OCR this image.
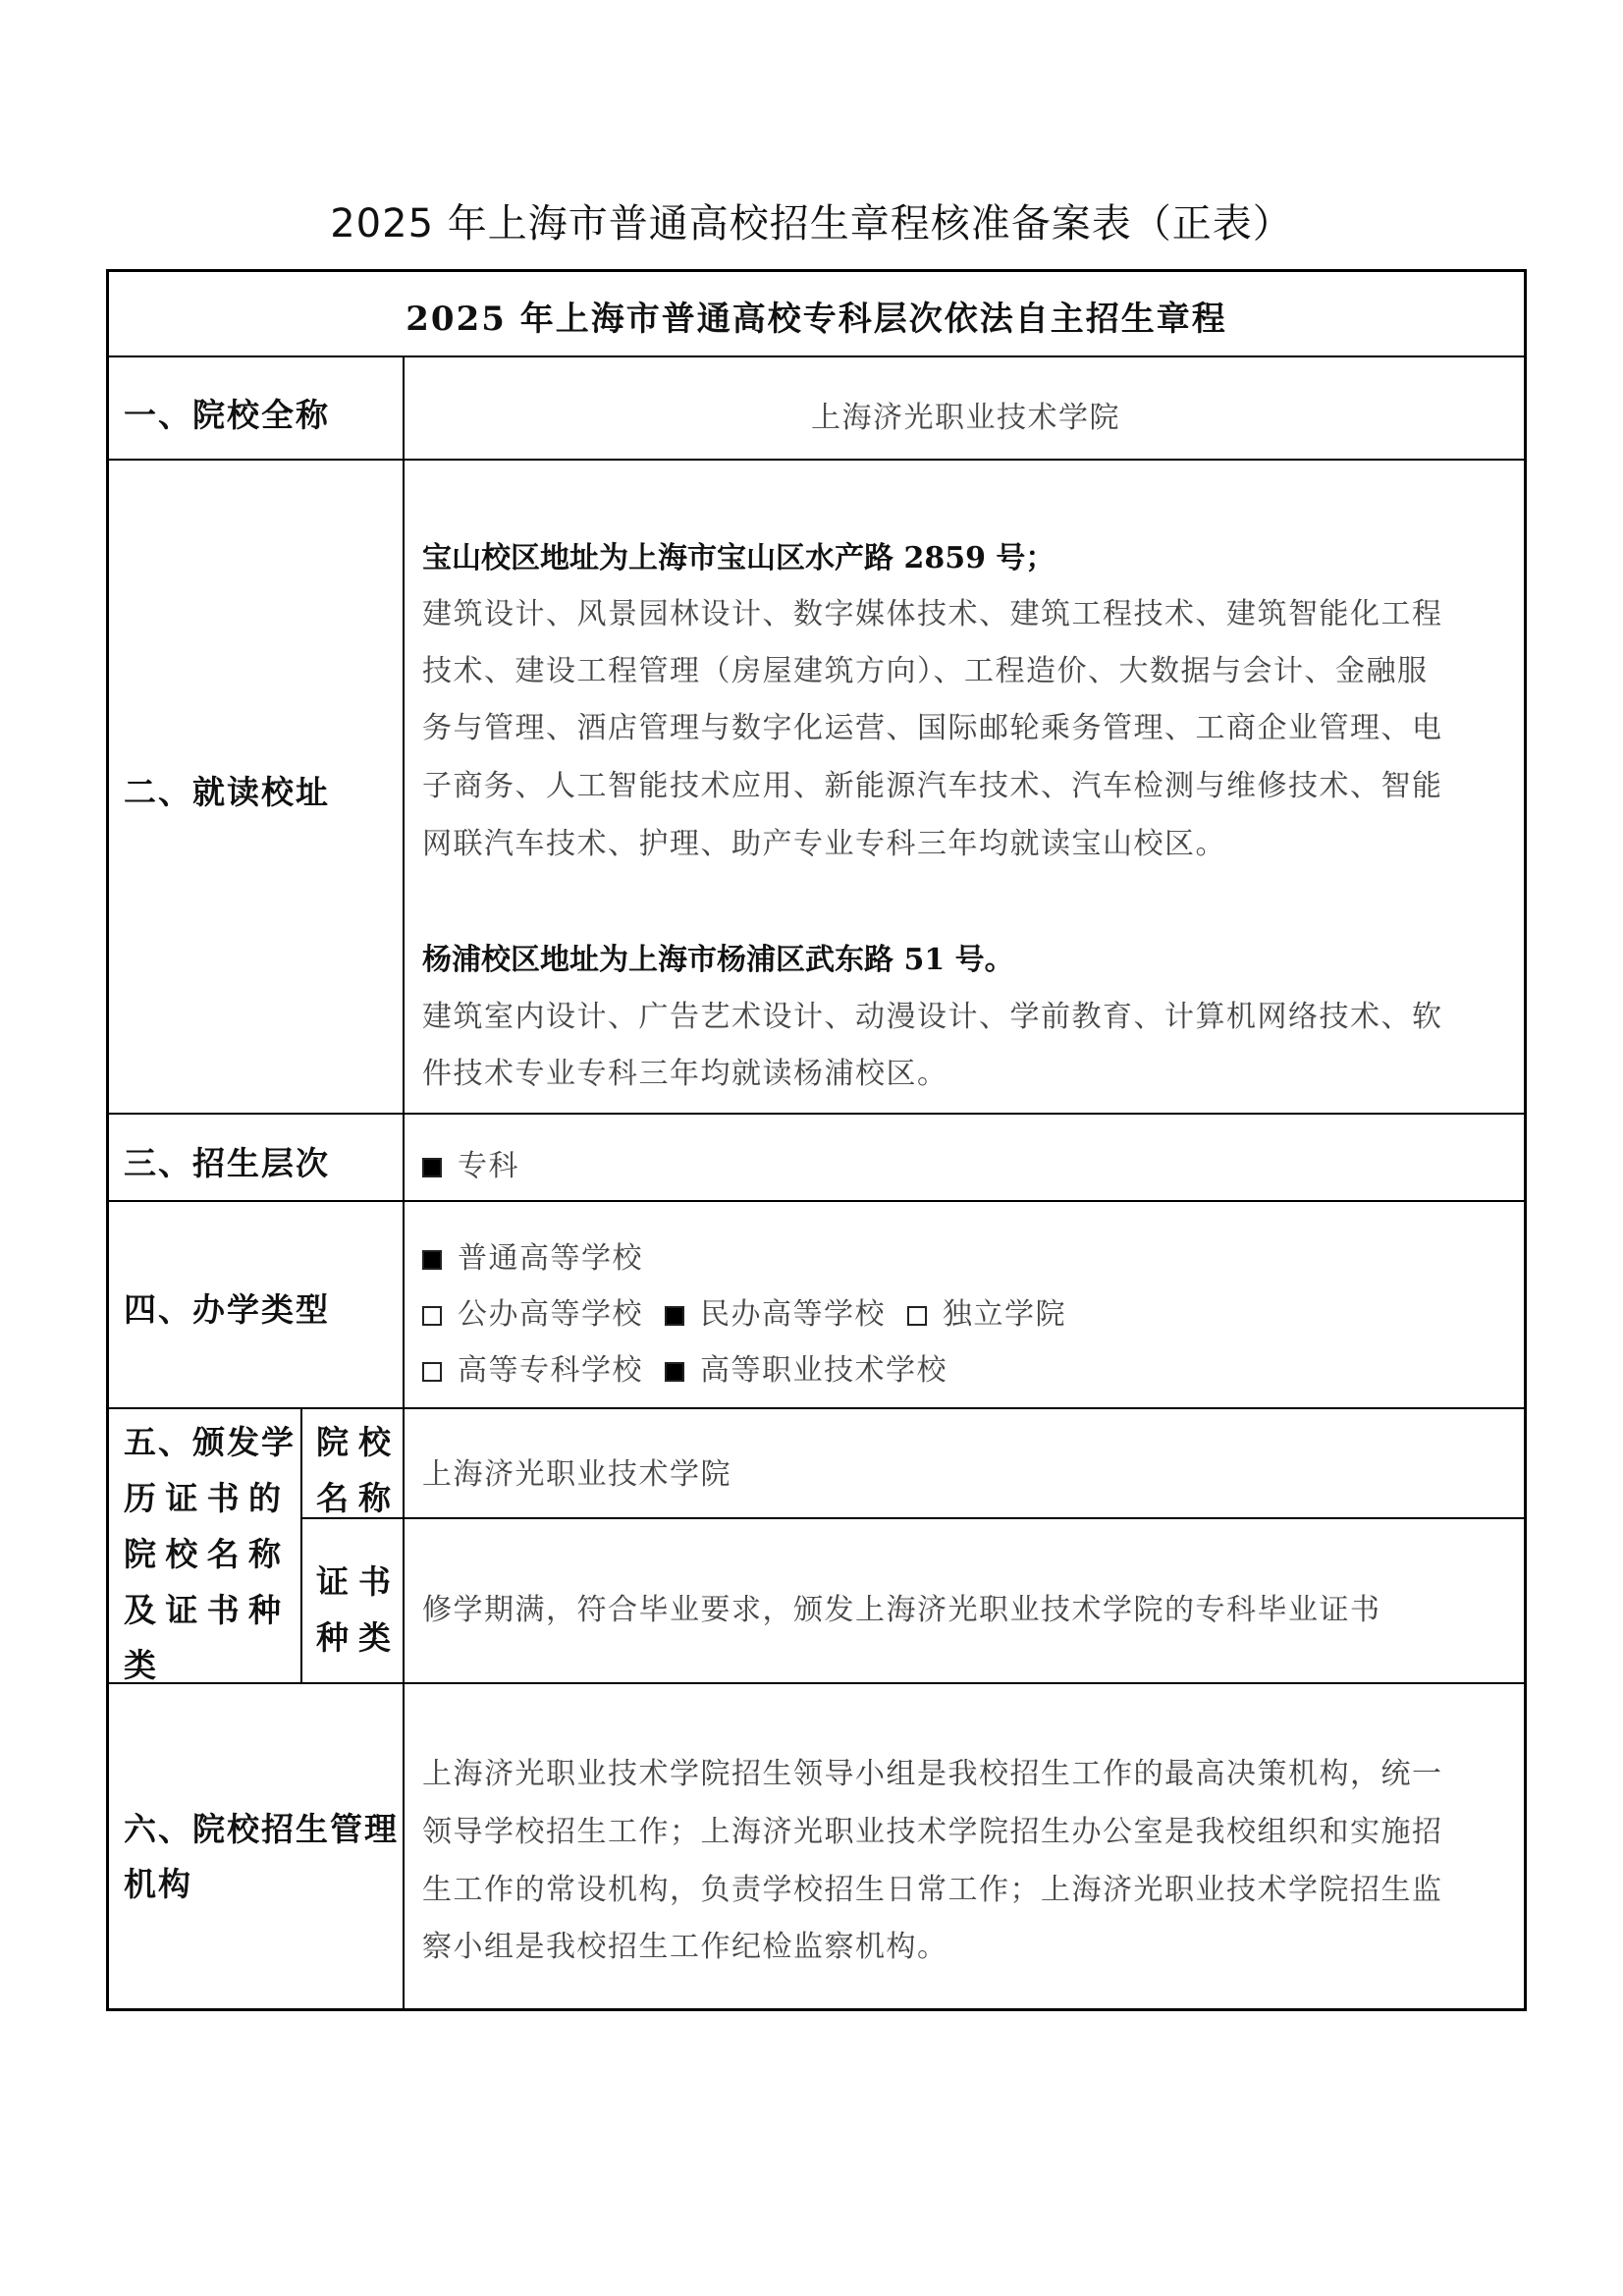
2025 年上海市普通高校招生章程核准备案表（正表）
2025 年上海市普通高校专科层次依法自主招生章程
一、院校全称	上海济光职业技术学院
二、就读校址
宝山校区地址为上海市宝山区水产路 2859 号；
建筑设计、风景园林设计、数字媒体技术、建筑工程技术、建筑智能化工程
技术、建设工程管理（房屋建筑方向）、工程造价、大数据与会计、金融服
务与管理、酒店管理与数字化运营、国际邮轮乘务管理、工商企业管理、电
子商务、人工智能技术应用、新能源汽车技术、汽车检测与维修技术、智能
网联汽车技术、护理、助产专业专科三年均就读宝山校区。
杨浦校区地址为上海市杨浦区武东路 51 号。
建筑室内设计、广告艺术设计、动漫设计、学前教育、计算机网络技术、软
件技术专业专科三年均就读杨浦校区。
三、招生层次	专科
四、办学类型
普通高等学校
公办高等学校 民办高等学校 独立学院
高等专科学校 高等职业技术学校
五 、 颁 发 学
历 证 书 的
院 校 名 称
及 证 书 种
类
院校
名称
上海济光职业技术学院
证书
种类
修学期满，符合毕业要求，颁发上海济光职业技术学院的专科毕业证书
六、院校招生管理
机构
上海济光职业技术学院招生领导小组是我校招生工作的最高决策机构，统一
领导学校招生工作；上海济光职业技术学院招生办公室是我校组织和实施招
生工作的常设机构，负责学校招生日常工作；上海济光职业技术学院招生监
察小组是我校招生工作纪检监察机构。
